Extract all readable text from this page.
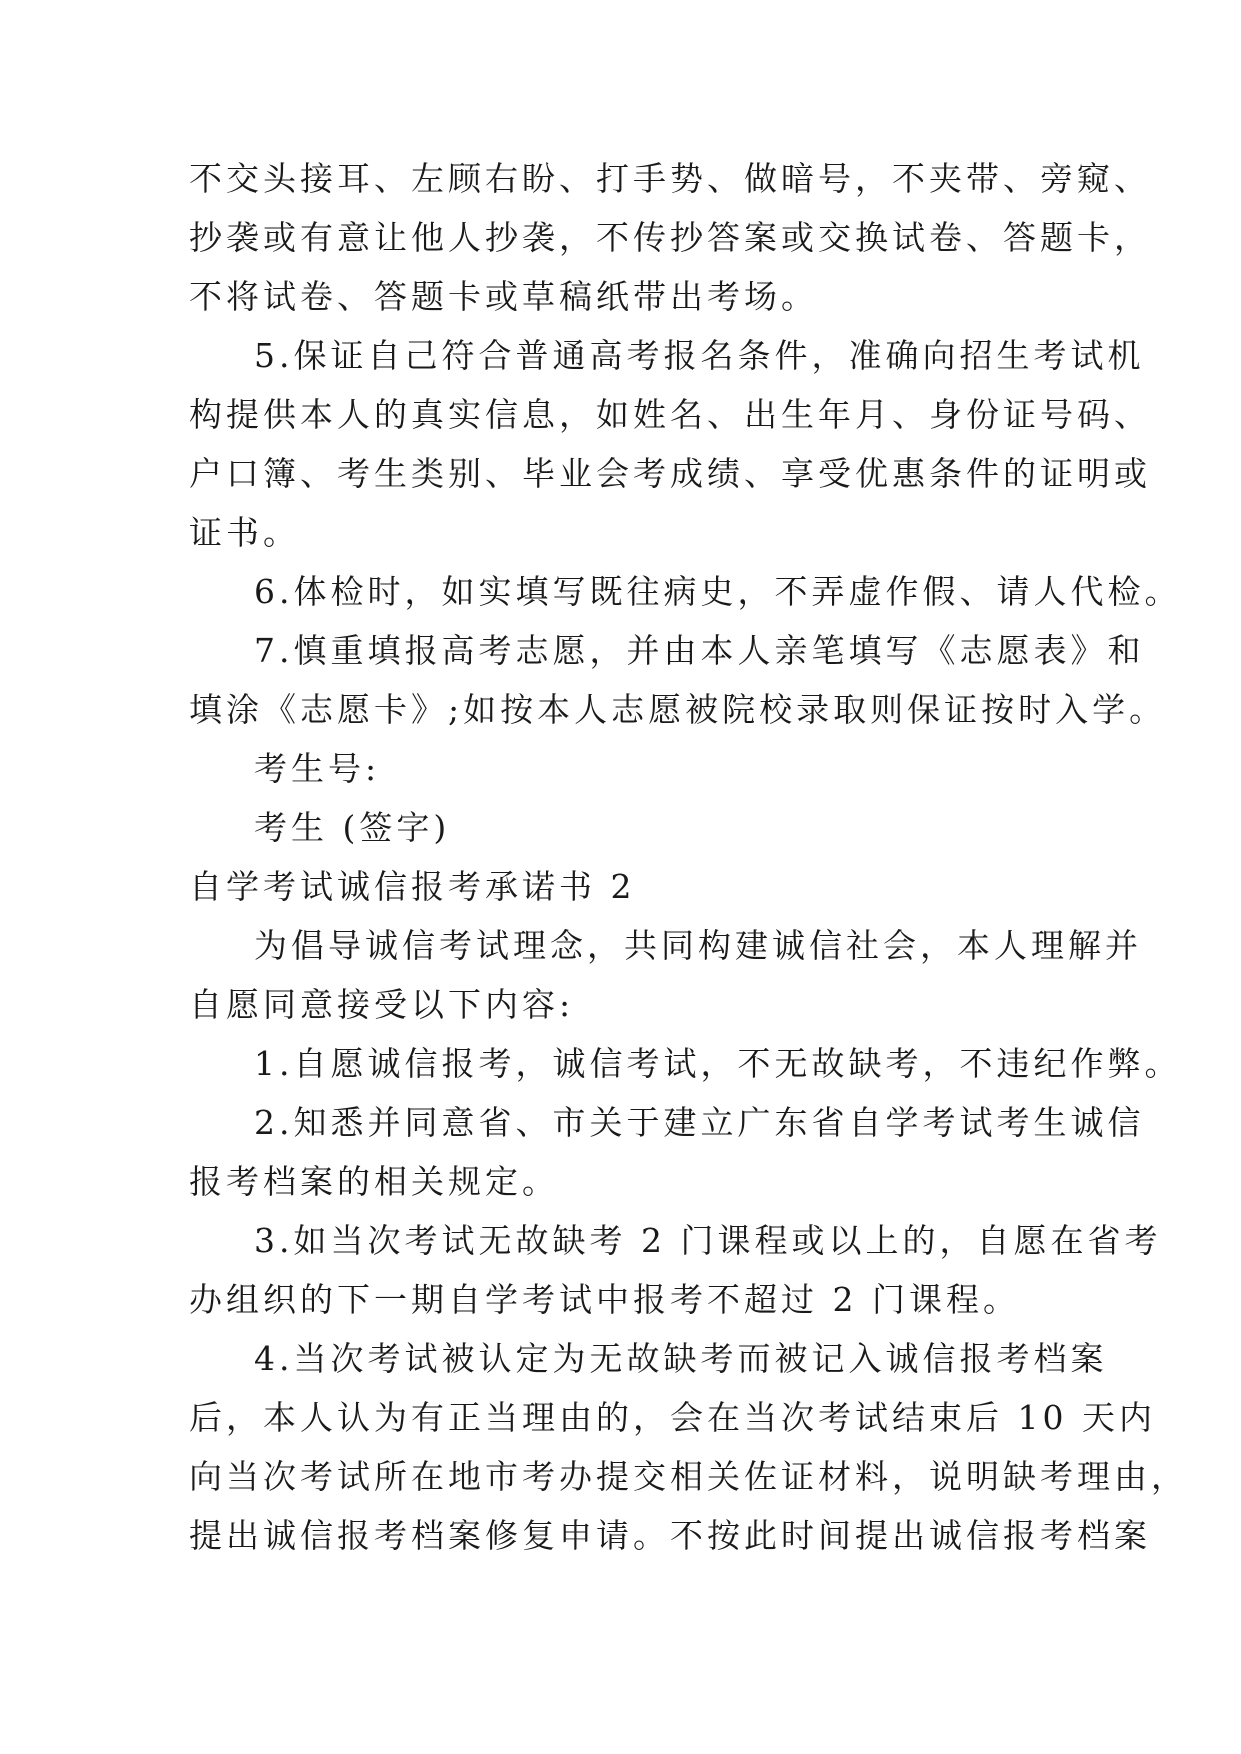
不交头接耳、左顾右盼、打手势、做暗号，不夹带、旁窥、
抄袭或有意让他人抄袭，不传抄答案或交换试卷、答题卡，
不将试卷、答题卡或草稿纸带出考场。
5.保证自己符合普通高考报名条件，准确向招生考试机
构提供本人的真实信息，如姓名、出生年月、身份证号码、
户口簿、考生类别、毕业会考成绩、享受优惠条件的证明或
证书。
6.体检时，如实填写既往病史，不弄虚作假、请人代检。
7.慎重填报高考志愿，并由本人亲笔填写《志愿表》和
填涂《志愿卡》;如按本人志愿被院校录取则保证按时入学。
考生号:
考生 (签字)
自学考试诚信报考承诺书 2
为倡导诚信考试理念，共同构建诚信社会，本人理解并
自愿同意接受以下内容:
1.自愿诚信报考，诚信考试，不无故缺考，不违纪作弊。
2.知悉并同意省、市关于建立广东省自学考试考生诚信
报考档案的相关规定。
3.如当次考试无故缺考 2 门课程或以上的，自愿在省考
办组织的下一期自学考试中报考不超过 2 门课程。
4.当次考试被认定为无故缺考而被记入诚信报考档案
后，本人认为有正当理由的，会在当次考试结束后 10 天内
向当次考试所在地市考办提交相关佐证材料，说明缺考理由，
提出诚信报考档案修复申请。不按此时间提出诚信报考档案
